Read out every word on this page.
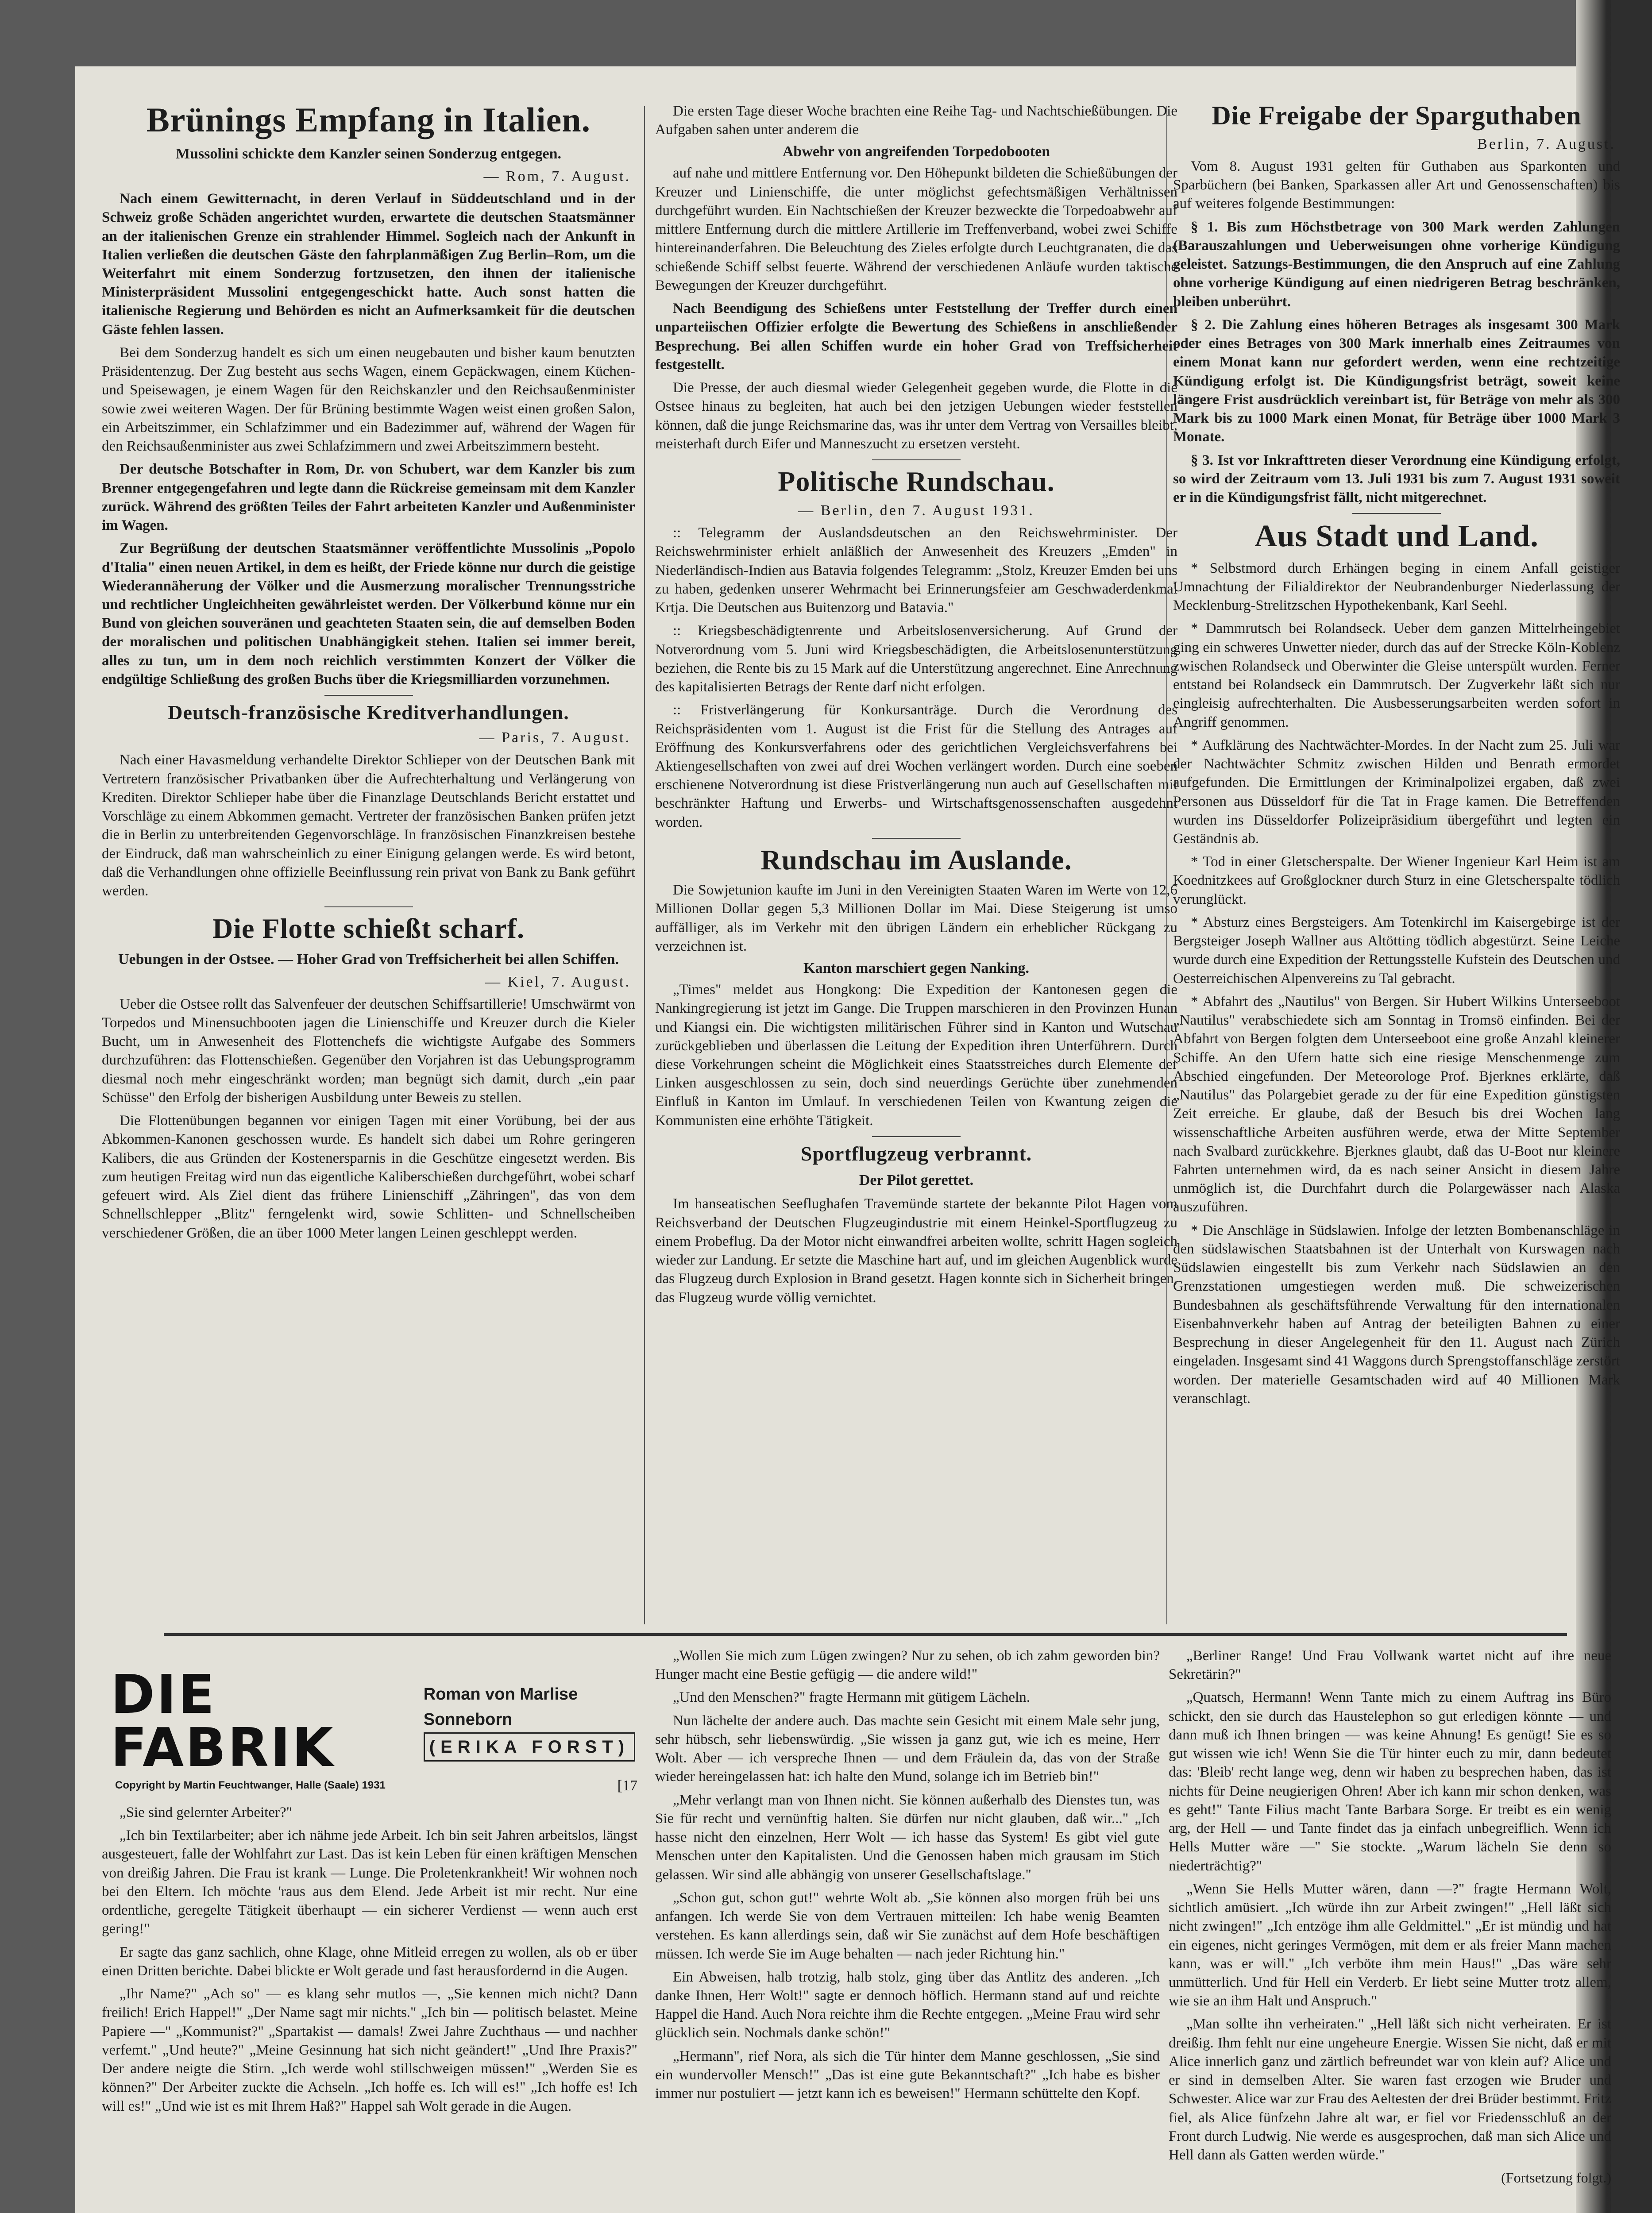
Brünings Empfang in Italien.
Mussolini schickte dem Kanzler seinen Sonderzug entgegen.
— Rom, 7. August.

Nach einem Gewitternacht, in deren Verlauf in Süddeutschland und in der Schweiz große Schäden angerichtet wurden, erwartete die deutschen Staatsmänner an der italienischen Grenze ein strahlender Himmel. Sogleich nach der Ankunft in Italien verließen die deutschen Gäste den fahrplanmäßigen Zug Berlin–Rom, um die Weiterfahrt mit einem Sonderzug fortzusetzen, den ihnen der italienische Ministerpräsident Mussolini entgegengeschickt hatte. Auch sonst hatten die italienische Regierung und Behörden es nicht an Aufmerksamkeit für die deutschen Gäste fehlen lassen.

Bei dem Sonderzug handelt es sich um einen neugebauten und bisher kaum benutzten Präsidentenzug. Der Zug besteht aus sechs Wagen, einem Gepäckwagen, einem Küchen- und Speisewagen, je einem Wagen für den Reichskanzler und den Reichsaußenminister sowie zwei weiteren Wagen. Der für Brüning bestimmte Wagen weist einen großen Salon, ein Arbeitszimmer, ein Schlafzimmer und ein Badezimmer auf, während der Wagen für den Reichsaußenminister aus zwei Schlafzimmern und zwei Arbeitszimmern besteht.

Der deutsche Botschafter in Rom, Dr. von Schubert, war dem Kanzler bis zum Brenner entgegengefahren und legte dann die Rückreise gemeinsam mit dem Kanzler zurück. Während des größten Teiles der Fahrt arbeiteten Kanzler und Außenminister im Wagen.

Zur Begrüßung der deutschen Staatsmänner veröffentlichte Mussolinis „Popolo d'Italia" einen neuen Artikel, in dem es heißt, der Friede könne nur durch die geistige Wiederannäherung der Völker und die Ausmerzung moralischer Trennungsstriche und rechtlicher Ungleichheiten gewährleistet werden. Der Völkerbund könne nur ein Bund von gleichen souveränen und geachteten Staaten sein, die auf demselben Boden der moralischen und politischen Unabhängigkeit stehen. Italien sei immer bereit, alles zu tun, um in dem noch reichlich verstimmten Konzert der Völker die endgültige Schließung des großen Buchs über die Kriegsmilliarden vorzunehmen.

Deutsch-französische Kreditverhandlungen.
— Paris, 7. August.

Nach einer Havasmeldung verhandelte Direktor Schlieper von der Deutschen Bank mit Vertretern französischer Privatbanken über die Aufrechterhaltung und Verlängerung von Krediten. Direktor Schlieper habe über die Finanzlage Deutschlands Bericht erstattet und Vorschläge zu einem Abkommen gemacht. Vertreter der französischen Banken prüfen jetzt die in Berlin zu unterbreitenden Gegenvorschläge. In französischen Finanzkreisen bestehe der Eindruck, daß man wahrscheinlich zu einer Einigung gelangen werde. Es wird betont, daß die Verhandlungen ohne offizielle Beeinflussung rein privat von Bank zu Bank geführt werden.

Die Flotte schießt scharf.
Uebungen in der Ostsee. — Hoher Grad von Treffsicherheit bei allen Schiffen.
— Kiel, 7. August.

Ueber die Ostsee rollt das Salvenfeuer der deutschen Schiffsartillerie! Umschwärmt von Torpedos und Minensuchbooten jagen die Linienschiffe und Kreuzer durch die Kieler Bucht, um in Anwesenheit des Flottenchefs die wichtigste Aufgabe des Sommers durchzuführen: das Flottenschießen. Gegenüber den Vorjahren ist das Uebungsprogramm diesmal noch mehr eingeschränkt worden; man begnügt sich damit, durch „ein paar Schüsse" den Erfolg der bisherigen Ausbildung unter Beweis zu stellen.

Die Flottenübungen begannen vor einigen Tagen mit einer Vorübung, bei der aus Abkommen-Kanonen geschossen wurde. Es handelt sich dabei um Rohre geringeren Kalibers, die aus Gründen der Kostenersparnis in die Geschütze eingesetzt werden. Bis zum heutigen Freitag wird nun das eigentliche Kaliberschießen durchgeführt, wobei scharf gefeuert wird. Als Ziel dient das frühere Linienschiff „Zähringen", das von dem Schnellschlepper „Blitz" ferngelenkt wird, sowie Schlitten- und Schnellscheiben verschiedener Größen, die an über 1000 Meter langen Leinen geschleppt werden.

Die ersten Tage dieser Woche brachten eine Reihe Tag- und Nachtschießübungen. Die Aufgaben sahen unter anderem die

Abwehr von angreifenden Torpedobooten

auf nahe und mittlere Entfernung vor. Den Höhepunkt bildeten die Schießübungen der Kreuzer und Linienschiffe, die unter möglichst gefechtsmäßigen Verhältnissen durchgeführt wurden. Ein Nachtschießen der Kreuzer bezweckte die Torpedoabwehr auf mittlere Entfernung durch die mittlere Artillerie im Treffenverband, wobei zwei Schiffe hintereinanderfahren. Die Beleuchtung des Zieles erfolgte durch Leuchtgranaten, die das schießende Schiff selbst feuerte. Während der verschiedenen Anläufe wurden taktische Bewegungen der Kreuzer durchgeführt.

Nach Beendigung des Schießens unter Feststellung der Treffer durch einen unparteiischen Offizier erfolgte die Bewertung des Schießens in anschließender Besprechung. Bei allen Schiffen wurde ein hoher Grad von Treffsicherheit festgestellt.

Die Presse, der auch diesmal wieder Gelegenheit gegeben wurde, die Flotte in die Ostsee hinaus zu begleiten, hat auch bei den jetzigen Uebungen wieder feststellen können, daß die junge Reichsmarine das, was ihr unter dem Vertrag von Versailles bleibt, meisterhaft durch Eifer und Manneszucht zu ersetzen versteht.

Politische Rundschau.
— Berlin, den 7. August 1931.

:: Telegramm der Auslandsdeutschen an den Reichswehrminister. Der Reichswehrminister erhielt anläßlich der Anwesenheit des Kreuzers „Emden" in Niederländisch-Indien aus Batavia folgendes Telegramm: „Stolz, Kreuzer Emden bei uns zu haben, gedenken unserer Wehrmacht bei Erinnerungsfeier am Geschwaderdenkmal Krtja. Die Deutschen aus Buitenzorg und Batavia."

:: Kriegsbeschädigtenrente und Arbeitslosenversicherung. Auf Grund der Notverordnung vom 5. Juni wird Kriegsbeschädigten, die Arbeitslosenunterstützung beziehen, die Rente bis zu 15 Mark auf die Unterstützung angerechnet. Eine Anrechnung des kapitalisierten Betrags der Rente darf nicht erfolgen.

:: Fristverlängerung für Konkursanträge. Durch die Verordnung des Reichspräsidenten vom 1. August ist die Frist für die Stellung des Antrages auf Eröffnung des Konkursverfahrens oder des gerichtlichen Vergleichsverfahrens bei Aktiengesellschaften von zwei auf drei Wochen verlängert worden. Durch eine soeben erschienene Notverordnung ist diese Fristverlängerung nun auch auf Gesellschaften mit beschränkter Haftung und Erwerbs- und Wirtschaftsgenossenschaften ausgedehnt worden.

Rundschau im Auslande.

Die Sowjetunion kaufte im Juni in den Vereinigten Staaten Waren im Werte von 12,6 Millionen Dollar gegen 5,3 Millionen Dollar im Mai. Diese Steigerung ist umso auffälliger, als im Verkehr mit den übrigen Ländern ein erheblicher Rückgang zu verzeichnen ist.

Kanton marschiert gegen Nanking.

„Times" meldet aus Hongkong: Die Expedition der Kantonesen gegen die Nankingregierung ist jetzt im Gange. Die Truppen marschieren in den Provinzen Hunan und Kiangsi ein. Die wichtigsten militärischen Führer sind in Kanton und Wutschau zurückgeblieben und überlassen die Leitung der Expedition ihren Unterführern. Durch diese Vorkehrungen scheint die Möglichkeit eines Staatsstreiches durch Elemente der Linken ausgeschlossen zu sein, doch sind neuerdings Gerüchte über zunehmenden Einfluß in Kanton im Umlauf. In verschiedenen Teilen von Kwantung zeigen die Kommunisten eine erhöhte Tätigkeit.

Sportflugzeug verbrannt.
Der Pilot gerettet.

Im hanseatischen Seeflughafen Travemünde startete der bekannte Pilot Hagen vom Reichsverband der Deutschen Flugzeugindustrie mit einem Heinkel-Sportflugzeug zu einem Probeflug. Da der Motor nicht einwandfrei arbeiten wollte, schritt Hagen sogleich wieder zur Landung. Er setzte die Maschine hart auf, und im gleichen Augenblick wurde das Flugzeug durch Explosion in Brand gesetzt. Hagen konnte sich in Sicherheit bringen, das Flugzeug wurde völlig vernichtet.

Die Freigabe der Sparguthaben
Berlin, 7. August.

Vom 8. August 1931 gelten für Guthaben aus Sparkonten und Sparbüchern (bei Banken, Sparkassen aller Art und Genossenschaften) bis auf weiteres folgende Bestimmungen:

§ 1. Bis zum Höchstbetrage von 300 Mark werden Zahlungen (Barauszahlungen und Ueberweisungen ohne vorherige Kündigung geleistet. Satzungs-Bestimmungen, die den Anspruch auf eine Zahlung ohne vorherige Kündigung auf einen niedrigeren Betrag beschränken, bleiben unberührt.

§ 2. Die Zahlung eines höheren Betrages als insgesamt 300 Mark oder eines Betrages von 300 Mark innerhalb eines Zeitraumes von einem Monat kann nur gefordert werden, wenn eine rechtzeitige Kündigung erfolgt ist. Die Kündigungsfrist beträgt, soweit keine längere Frist ausdrücklich vereinbart ist, für Beträge von mehr als 300 Mark bis zu 1000 Mark einen Monat, für Beträge über 1000 Mark 3 Monate.

§ 3. Ist vor Inkrafttreten dieser Verordnung eine Kündigung erfolgt, so wird der Zeitraum vom 13. Juli 1931 bis zum 7. August 1931 soweit er in die Kündigungsfrist fällt, nicht mitgerechnet.

Aus Stadt und Land.

* Selbstmord durch Erhängen beging in einem Anfall geistiger Umnachtung der Filialdirektor der Neubrandenburger Niederlassung der Mecklenburg-Strelitzschen Hypothekenbank, Karl Seehl.

* Dammrutsch bei Rolandseck. Ueber dem ganzen Mittelrheingebiet ging ein schweres Unwetter nieder, durch das auf der Strecke Köln-Koblenz zwischen Rolandseck und Oberwinter die Gleise unterspült wurden. Ferner entstand bei Rolandseck ein Dammrutsch. Der Zugverkehr läßt sich nur eingleisig aufrechterhalten. Die Ausbesserungsarbeiten werden sofort in Angriff genommen.

* Aufklärung des Nachtwächter-Mordes. In der Nacht zum 25. Juli war der Nachtwächter Schmitz zwischen Hilden und Benrath ermordet aufgefunden. Die Ermittlungen der Kriminalpolizei ergaben, daß zwei Personen aus Düsseldorf für die Tat in Frage kamen. Die Betreffenden wurden ins Düsseldorfer Polizeipräsidium übergeführt und legten ein Geständnis ab.

* Tod in einer Gletscherspalte. Der Wiener Ingenieur Karl Heim ist am Koednitzkees auf Großglockner durch Sturz in eine Gletscherspalte tödlich verunglückt.

* Absturz eines Bergsteigers. Am Totenkirchl im Kaisergebirge ist der Bergsteiger Joseph Wallner aus Altötting tödlich abgestürzt. Seine Leiche wurde durch eine Expedition der Rettungsstelle Kufstein des Deutschen und Oesterreichischen Alpenvereins zu Tal gebracht.

* Abfahrt des „Nautilus" von Bergen. Sir Hubert Wilkins Unterseeboot „Nautilus" verabschiedete sich am Sonntag in Tromsö einfinden. Bei der Abfahrt von Bergen folgten dem Unterseeboot eine große Anzahl kleinerer Schiffe. An den Ufern hatte sich eine riesige Menschenmenge zum Abschied eingefunden. Der Meteorologe Prof. Bjerknes erklärte, daß „Nautilus" das Polargebiet gerade zu der für eine Expedition günstigsten Zeit erreiche. Er glaube, daß der Besuch bis drei Wochen lang wissenschaftliche Arbeiten ausführen werde, etwa der Mitte September nach Svalbard zurückkehre. Bjerknes glaubt, daß das U-Boot nur kleinere Fahrten unternehmen wird, da es nach seiner Ansicht in diesem Jahre unmöglich ist, die Durchfahrt durch die Polargewässer nach Alaska auszuführen.

* Die Anschläge in Südslawien. Infolge der letzten Bombenanschläge in den südslawischen Staatsbahnen ist der Unterhalt von Kurswagen nach Südslawien eingestellt bis zum Verkehr nach Südslawien an den Grenzstationen umgestiegen werden muß. Die schweizerischen Bundesbahnen als geschäftsführende Verwaltung für den internationalen Eisenbahnverkehr haben auf Antrag der beteiligten Bahnen zu einer Besprechung in dieser Angelegenheit für den 11. August nach Zürich eingeladen. Insgesamt sind 41 Waggons durch Sprengstoffanschläge zerstört worden. Der materielle Gesamtschaden wird auf 40 Millionen Mark veranschlagt.

DIE FABRIK
Roman von Marlise Sonneborn
(ERIKA FORST)
Copyright by Martin Feuchtwanger, Halle (Saale) 1931	[17

„Sie sind gelernter Arbeiter?"

„Ich bin Textilarbeiter; aber ich nähme jede Arbeit. Ich bin seit Jahren arbeitslos, längst ausgesteuert, falle der Wohlfahrt zur Last. Das ist kein Leben für einen kräftigen Menschen von dreißig Jahren. Die Frau ist krank — Lunge. Die Proletenkrankheit! Wir wohnen noch bei den Eltern. Ich möchte 'raus aus dem Elend. Jede Arbeit ist mir recht. Nur eine ordentliche, geregelte Tätigkeit überhaupt — ein sicherer Verdienst — wenn auch erst gering!"

Er sagte das ganz sachlich, ohne Klage, ohne Mitleid erregen zu wollen, als ob er über einen Dritten berichte. Dabei blickte er Wolt gerade und fast herausfordernd in die Augen.

„Ihr Name?" „Ach so" — es klang sehr mutlos —, „Sie kennen mich nicht? Dann freilich! Erich Happel!" „Der Name sagt mir nichts." „Ich bin — politisch belastet. Meine Papiere —" „Kommunist?" „Spartakist — damals! Zwei Jahre Zuchthaus — und nachher verfemt." „Und heute?" „Meine Gesinnung hat sich nicht geändert!" „Und Ihre Praxis?" Der andere neigte die Stirn. „Ich werde wohl stillschweigen müssen!" „Werden Sie es können?" Der Arbeiter zuckte die Achseln. „Ich hoffe es. Ich will es!" „Ich hoffe es! Ich will es!" „Und wie ist es mit Ihrem Haß?" Happel sah Wolt gerade in die Augen.

„Wollen Sie mich zum Lügen zwingen? Nur zu sehen, ob ich zahm geworden bin? Hunger macht eine Bestie gefügig — die andere wild!"

„Und den Menschen?" fragte Hermann mit gütigem Lächeln.

Nun lächelte der andere auch. Das machte sein Gesicht mit einem Male sehr jung, sehr hübsch, sehr liebenswürdig. „Sie wissen ja ganz gut, wie ich es meine, Herr Wolt. Aber — ich verspreche Ihnen — und dem Fräulein da, das von der Straße wieder hereingelassen hat: ich halte den Mund, solange ich im Betrieb bin!"

„Mehr verlangt man von Ihnen nicht. Sie können außerhalb des Dienstes tun, was Sie für recht und vernünftig halten. Sie dürfen nur nicht glauben, daß wir..." „Ich hasse nicht den einzelnen, Herr Wolt — ich hasse das System! Es gibt viel gute Menschen unter den Kapitalisten. Und die Genossen haben mich grausam im Stich gelassen. Wir sind alle abhängig von unserer Gesellschaftslage."

„Schon gut, schon gut!" wehrte Wolt ab. „Sie können also morgen früh bei uns anfangen. Ich werde Sie von dem Vertrauen mitteilen: Ich habe wenig Beamten verstehen. Es kann allerdings sein, daß wir Sie zunächst auf dem Hofe beschäftigen müssen. Ich werde Sie im Auge behalten — nach jeder Richtung hin."

Ein Abweisen, halb trotzig, halb stolz, ging über das Antlitz des anderen. „Ich danke Ihnen, Herr Wolt!" sagte er dennoch höflich. Hermann stand auf und reichte Happel die Hand. Auch Nora reichte ihm die Rechte entgegen. „Meine Frau wird sehr glücklich sein. Nochmals danke schön!"

„Hermann", rief Nora, als sich die Tür hinter dem Manne geschlossen, „Sie sind ein wundervoller Mensch!" „Das ist eine gute Bekanntschaft?" „Ich habe es bisher immer nur postuliert — jetzt kann ich es beweisen!" Hermann schüttelte den Kopf.

„Berliner Range! Und Frau Vollwank wartet nicht auf ihre neue Sekretärin?"

„Quatsch, Hermann! Wenn Tante mich zu einem Auftrag ins Büro schickt, den sie durch das Haustelephon so gut erledigen könnte — und dann muß ich Ihnen bringen — was keine Ahnung! Es genügt! Sie es so gut wissen wie ich! Wenn Sie die Tür hinter euch zu mir, dann bedeutet das: 'Bleib' recht lange weg, denn wir haben zu besprechen haben, das ist nichts für Deine neugierigen Ohren! Aber ich kann mir schon denken, was es geht!" Tante Filius macht Tante Barbara Sorge. Er treibt es ein wenig arg, der Hell — und Tante findet das ja einfach unbegreiflich. Wenn ich Hells Mutter wäre —" Sie stockte. „Warum lächeln Sie denn so niederträchtig?"

„Wenn Sie Hells Mutter wären, dann —?" fragte Hermann Wolt, sichtlich amüsiert. „Ich würde ihn zur Arbeit zwingen!" „Hell läßt sich nicht zwingen!" „Ich entzöge ihm alle Geldmittel." „Er ist mündig und hat ein eigenes, nicht geringes Vermögen, mit dem er als freier Mann machen kann, was er will." „Ich verböte ihm mein Haus!" „Das wäre sehr unmütterlich. Und für Hell ein Verderb. Er liebt seine Mutter trotz allem, wie sie an ihm Halt und Anspruch."

„Man sollte ihn verheiraten." „Hell läßt sich nicht verheiraten. Er ist dreißig. Ihm fehlt nur eine ungeheure Energie. Wissen Sie nicht, daß er mit Alice innerlich ganz und zärtlich befreundet war von klein auf? Alice und er sind in demselben Alter. Sie waren fast erzogen wie Bruder und Schwester. Alice war zur Frau des Aeltesten der drei Brüder bestimmt. Fritz fiel, als Alice fünfzehn Jahre alt war, er fiel vor Friedensschluß an der Front durch Ludwig. Nie werde es ausgesprochen, daß man sich Alice und Hell dann als Gatten werden würde."

(Fortsetzung folgt.)
